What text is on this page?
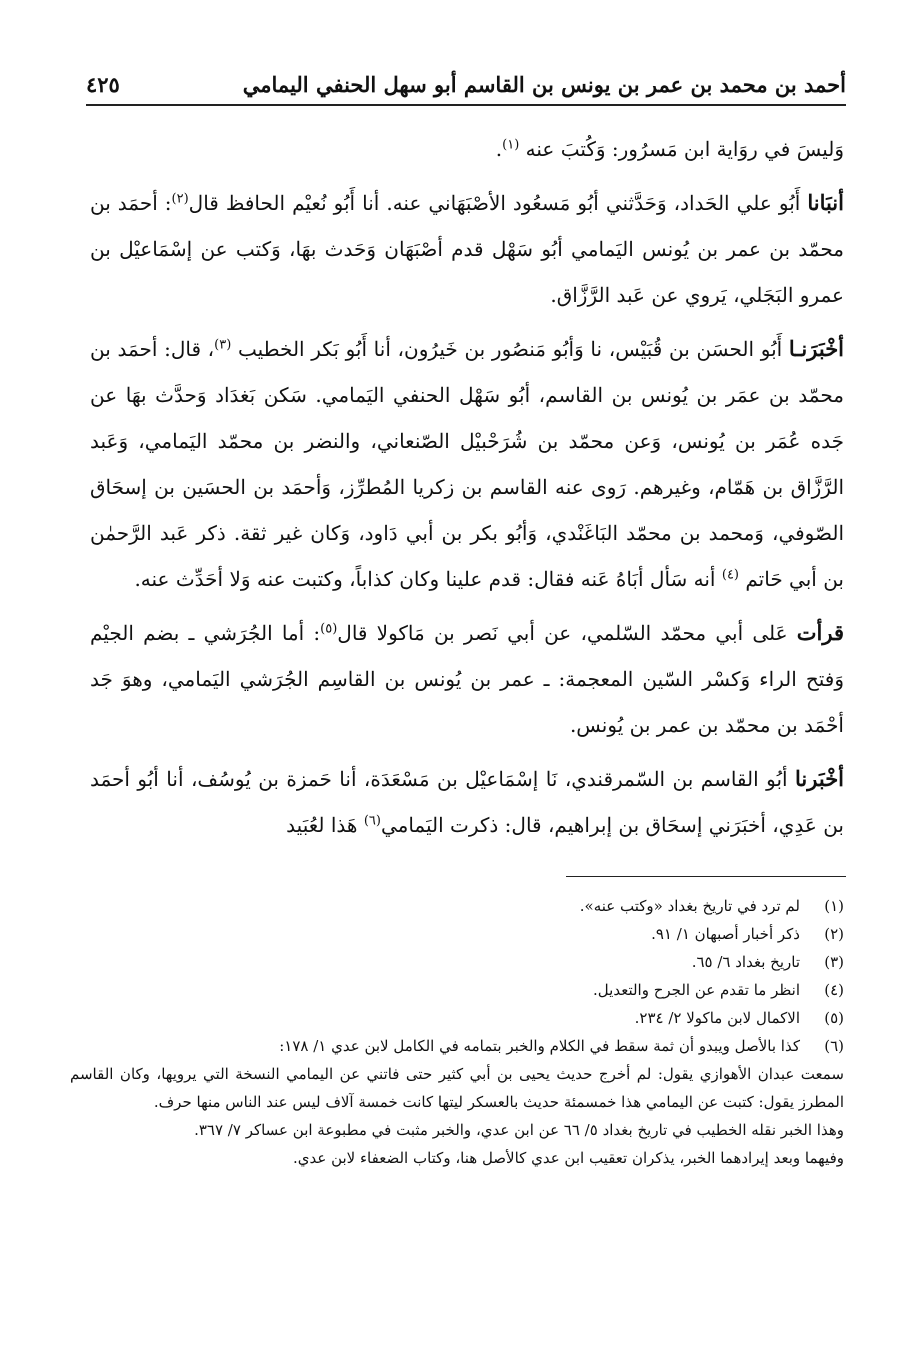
أحمد بن محمد بن عمر بن يونس بن القاسم أبو سهل الحنفي اليمامي
٤٢٥

وَليسَ في روَاية ابن مَسرُور: وَكُتبَ عنه $^{(١)}$.

أنبَانا أَبُو علي الحَداد، وَحَدَّثني أبُو مَسعُود الأصْبَهَاني عنه. أنا أَبُو نُعيْم الحافظ قال$^{(٢)}$: أحمَد بن محمّد بن عمر بن يُونس اليَمامي أبُو سَهْل قدم أصْبَهَان وَحَدث بهَا، وَكتب عن إسْمَاعيْل بن عمرو البَجَلي، يَروي عن عَبد الرَّزَّاق.

أخْبَرَنـا أَبُو الحسَن بن قُبَيْس، نا وَأبُو مَنصُور بن خَيرُون، أنا أَبُو بَكر الخطيب $^{(٣)}$، قال: أحمَد بن محمّد بن عمَر بن يُونس بن القاسم، أبُو سَهْل الحنفي اليَمامي. سَكن بَغدَاد وَحدَّث بهَا عن جَده عُمَر بن يُونس، وَعن محمّد بن شُرَحْبيْل الصّنعاني، والنضر بن محمّد اليَمامي، وَعَبد الرَّزَّاق بن هَمّام، وغيرهم. رَوى عنه القاسم بن زكريا المُطرِّز، وَأحمَد بن الحسَين بن إسحَاق الصّوفي، وَمحمد بن محمّد البَاغَنْدي، وَأبُو بكر بن أبي دَاود، وَكان غير ثقة. ذكر عَبد الرَّحمٰن بن أبي حَاتم $^{(٤)}$ أنه سَأل أبَاهُ عَنه فقال: قدم علينا وكان كذاباً، وكتبت عنه وَلا أحَدِّث عنه.

قرأت عَلى أبي محمّد السّلمي، عن أبي نَصر بن مَاكولا قال$^{(٥)}$: أما الجُرَشي ـ بضم الجيْم وَفتح الراء وَكسْر السّين المعجمة: ـ عمر بن يُونس بن القاسِم الجُرَشي اليَمامي، وهوَ جَد أحْمَد بن محمّد بن عمر بن يُونس.

أخْبَرنا أبُو القاسم بن السّمرقندي، نَا إسْمَاعيْل بن مَسْعَدَة، أنا حَمزة بن يُوسُف، أنا أبُو أحمَد بن عَدِي، أخبَرَني إسحَاق بن إبراهيم، قال: ذكرت اليَمامي$^{(٦)}$ هَذا لعُبَيد

(١)
لم ترد في تاريخ بغداد «وكتب عنه».
(٢)
ذكر أخبار أصبهان ١/ ٩١.
(٣)
تاريخ بغداد ٦/ ٦٥.
(٤)
انظر ما تقدم عن الجرح والتعديل.
(٥)
الاكمال لابن ماكولا ٢/ ٢٣٤.
(٦)
كذا بالأصل ويبدو أن ثمة سقط في الكلام والخبر بتمامه في الكامل لابن عدي ١/ ١٧٨:
سمعت عبدان الأهوازي يقول: لم أخرج حديث يحيى بن أبي كثير حتى فاتني عن اليمامي النسخة التي يرويها، وكان القاسم المطرز يقول: كتبت عن اليمامي هذا خمسمئة حديث بالعسكر ليتها كانت خمسة آلاف ليس عند الناس منها حرف.
وهذا الخبر نقله الخطيب في تاريخ بغداد ٥/ ٦٦ عن ابن عدي، والخبر مثبت في مطبوعة ابن عساكر ٧/ ٣٦٧.
وفيهما وبعد إيرادهما الخبر، يذكران تعقيب ابن عدي كالأصل هنا، وكتاب الضعفاء لابن عدي.
